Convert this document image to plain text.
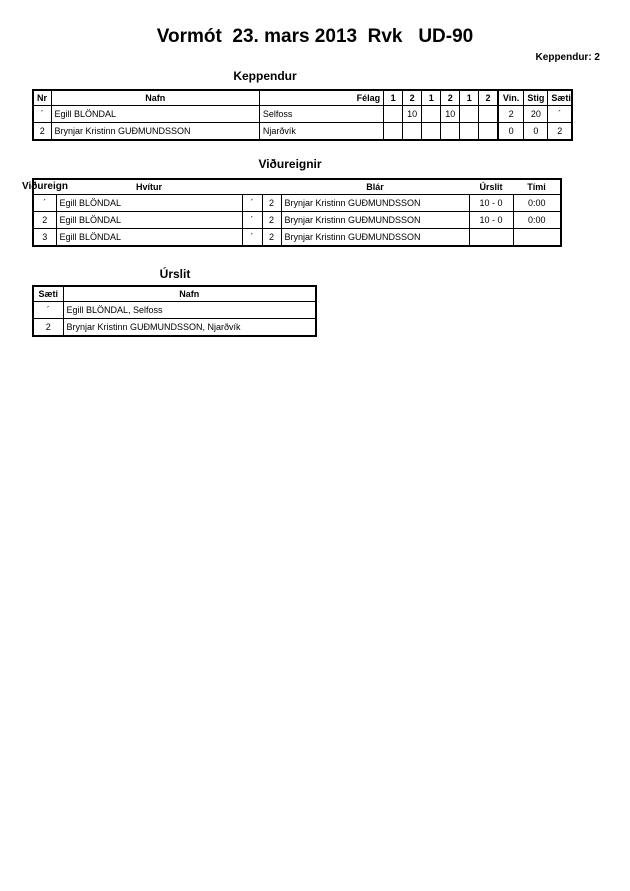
Vormót  23. mars 2013  Rvk   UD-90
Keppendur: 2
Keppendur
Nr	Nafn	Félag	1	2	1	2	1	2	Vin.	Stig	Sæti
´	Egill BLÖNDAL	Selfoss		10		10			2	20	´
2	Brynjar Kristinn GUÐMUNDSSON	Njarðvík							0	0	2
Viðureignir
Viðureign
		Hvítur			Blár	Úrslit	Tími
´	Egill BLÖNDAL	´	2	Brynjar Kristinn GUÐMUNDSSON	10 - 0	0:00
2	Egill BLÖNDAL	´	2	Brynjar Kristinn GUÐMUNDSSON	10 - 0	0:00
3	Egill BLÖNDAL	´	2	Brynjar Kristinn GUÐMUNDSSON		
Úrslit
Sæti	Nafn
´	Egill BLÖNDAL, Selfoss
2	Brynjar Kristinn GUÐMUNDSSON, Njarðvík
